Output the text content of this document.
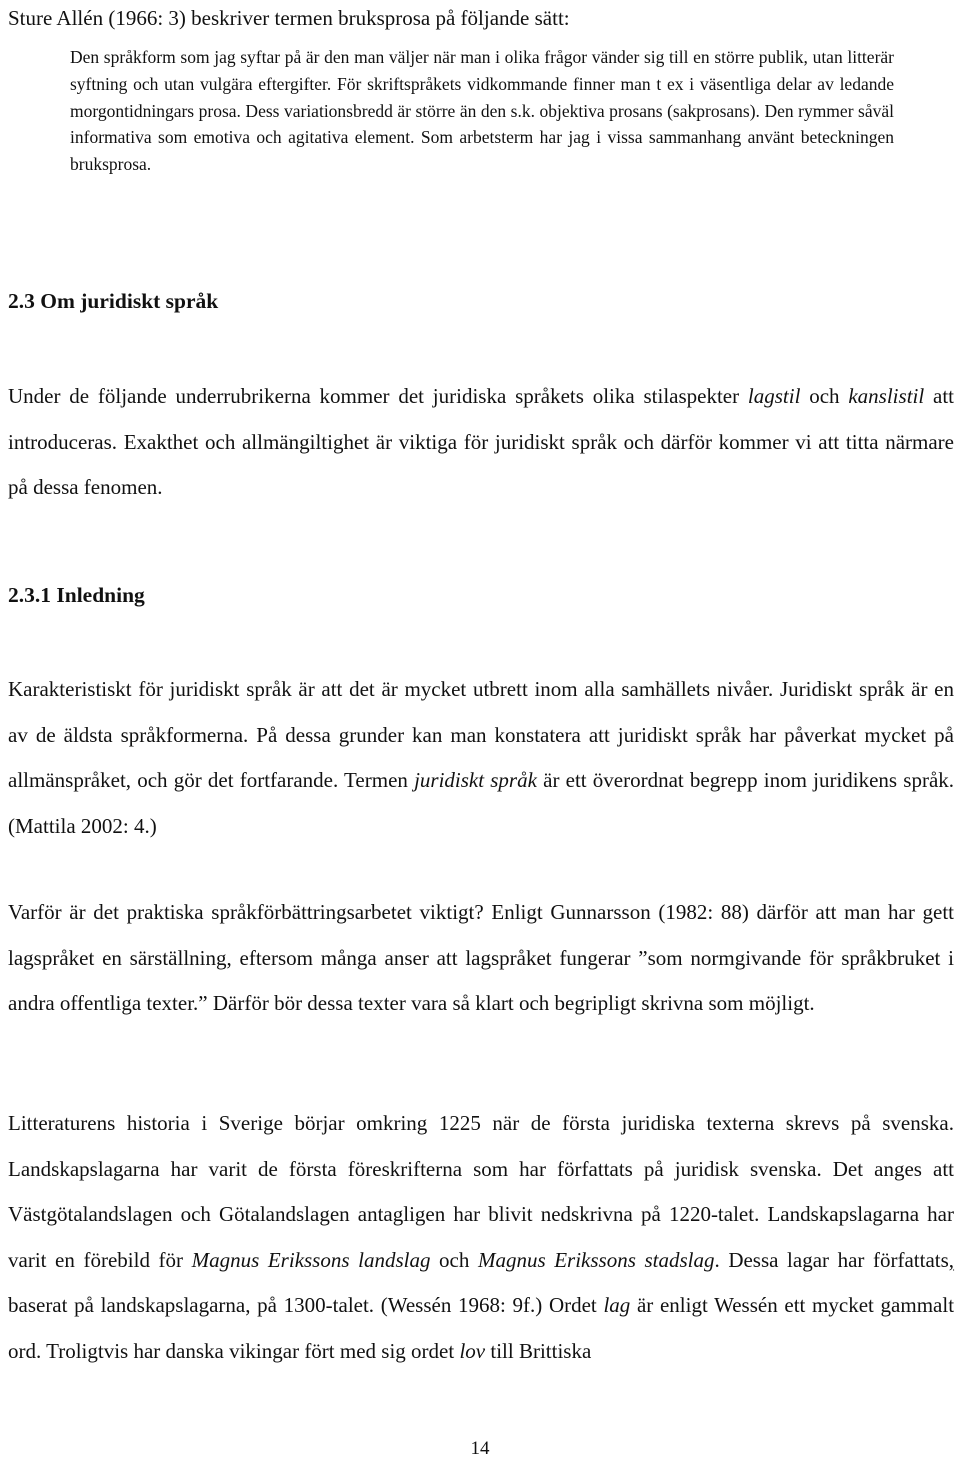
Sture Allén (1966: 3) beskriver termen bruksprosa på följande sätt:

Den språkform som jag syftar på är den man väljer när man i olika frågor vänder sig till en större publik, utan litterär syftning och utan vulgära eftergifter. För skriftspråkets vidkommande finner man t ex i väsentliga delar av ledande morgontidningars prosa. Dess variationsbredd är större än den s.k. objektiva prosans (sakprosans). Den rymmer såväl informativa som emotiva och agitativa element. Som arbetsterm har jag i vissa sammanhang använt beteckningen bruksprosa.

2.3 Om juridiskt språk

Under de följande underrubrikerna kommer det juridiska språkets olika stilaspekter lagstil och kanslistil att introduceras. Exakthet och allmängiltighet är viktiga för juridiskt språk och därför kommer vi att titta närmare på dessa fenomen.

2.3.1 Inledning

Karakteristiskt för juridiskt språk är att det är mycket utbrett inom alla samhällets nivåer. Juridiskt språk är en av de äldsta språkformerna. På dessa grunder kan man konstatera att juridiskt språk har påverkat mycket på allmänspråket, och gör det fortfarande. Termen juridiskt språk är ett överordnat begrepp inom juridikens språk. (Mattila 2002: 4.)

Varför är det praktiska språkförbättringsarbetet viktigt? Enligt Gunnarsson (1982: 88) därför att man har gett lagspråket en särställning, eftersom många anser att lagspråket fungerar ”som normgivande för språkbruket i andra offentliga texter.” Därför bör dessa texter vara så klart och begripligt skrivna som möjligt.

Litteraturens historia i Sverige börjar omkring 1225 när de första juridiska texterna skrevs på svenska. Landskapslagarna har varit de första föreskrifterna som har författats på juridisk svenska. Det anges att Västgötalandslagen och Götalandslagen antagligen har blivit nedskrivna på 1220-talet. Landskapslagarna har varit en förebild för Magnus Erikssons landslag och Magnus Erikssons stadslag. Dessa lagar har författats, baserat på landskapslagarna, på 1300-talet. (Wessén 1968: 9f.) Ordet lag är enligt Wessén ett mycket gammalt ord. Troligtvis har danska vikingar fört med sig ordet lov till Brittiska

14
